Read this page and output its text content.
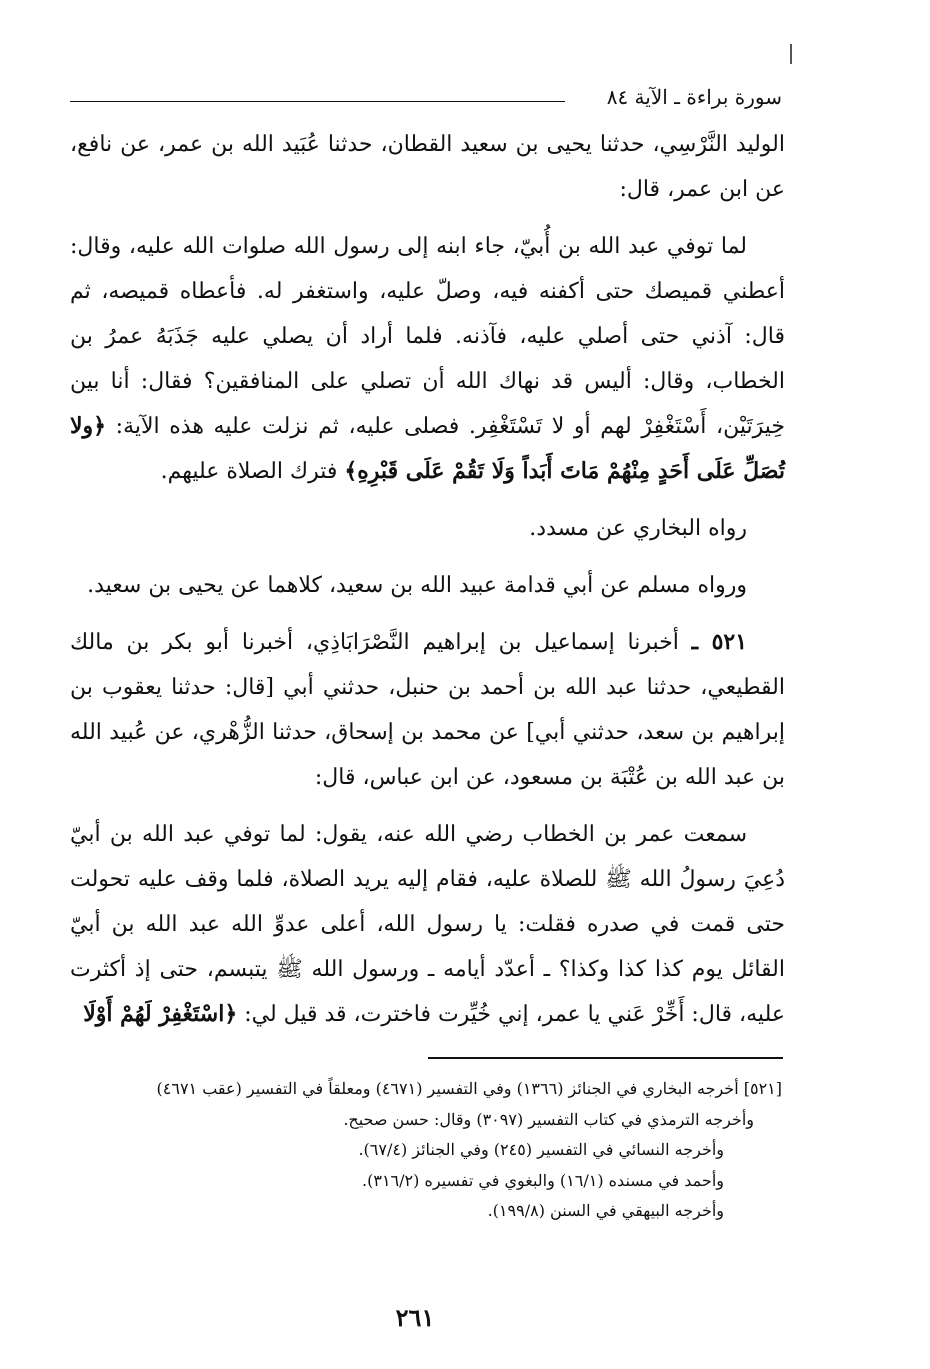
سورة براءة ـ الآية ٨٤

الوليد النَّرْسِي، حدثنا يحيى بن سعيد القطان، حدثنا عُبَيد الله بن عمر، عن نافع، عن ابن عمر، قال:

لما توفي عبد الله بن أُبيّ، جاء ابنه إلى رسول الله صلوات الله عليه، وقال: أعطني قميصك حتى أكفنه فيه، وصلّ عليه، واستغفر له. فأعطاه قميصه، ثم قال: آذني حتى أصلي عليه، فآذنه. فلما أراد أن يصلي عليه جَذَبَهُ عمرُ بن الخطاب، وقال: أليس قد نهاك الله أن تصلي على المنافقين؟ فقال: أنا بين خِيرَتَيْن، أَسْتَغْفِرْ لهم أو لا تَسْتَغْفِر. فصلى عليه، ثم نزلت عليه هذه الآية: ﴿ولا تُصَلِّ عَلَى أَحَدٍ مِنْهُمْ مَاتَ أَبَداً وَلَا تَقُمْ عَلَى قَبْرِهِ﴾ فترك الصلاة عليهم.

رواه البخاري عن مسدد.

ورواه مسلم عن أبي قدامة عبيد الله بن سعيد، كلاهما عن يحيى بن سعيد.

٥٢١ ـ أخبرنا إسماعيل بن إبراهيم النَّصْرَابَاذِي، أخبرنا أبو بكر بن مالك القطيعي، حدثنا عبد الله بن أحمد بن حنبل، حدثني أبي [قال: حدثنا يعقوب بن إبراهيم بن سعد، حدثني أبي] عن محمد بن إسحاق، حدثنا الزُّهْري، عن عُبيد الله بن عبد الله بن عُتْبَة بن مسعود، عن ابن عباس، قال:

سمعت عمر بن الخطاب رضي الله عنه، يقول: لما توفي عبد الله بن أبيّ دُعِيَ رسولُ الله ﷺ للصلاة عليه، فقام إليه يريد الصلاة، فلما وقف عليه تحولت حتى قمت في صدره فقلت: يا رسول الله، أعلى عدوِّ الله عبد الله بن أبيّ القائل يوم كذا كذا وكذا؟ ـ أعدّد أيامه ـ ورسول الله ﷺ يتبسم، حتى إذ أكثرت عليه، قال: أَخِّرْ عَني يا عمر، إني خُيِّرت فاخترت، قد قيل لي: ﴿اسْتَغْفِرْ لَهُمْ أَوْلَا

[٥٢١] أخرجه البخاري في الجنائز (١٣٦٦) وفي التفسير (٤٦٧١) ومعلقاً في التفسير (عقب ٤٦٧١)

وأخرجه الترمذي في كتاب التفسير (٣٠٩٧) وقال: حسن صحيح.

وأخرجه النسائي في التفسير (٢٤٥) وفي الجنائز (٦٧/٤).

وأحمد في مسنده (١٦/١) والبغوي في تفسيره (٣١٦/٢).

وأخرجه البيهقي في السنن (١٩٩/٨).

٢٦١
